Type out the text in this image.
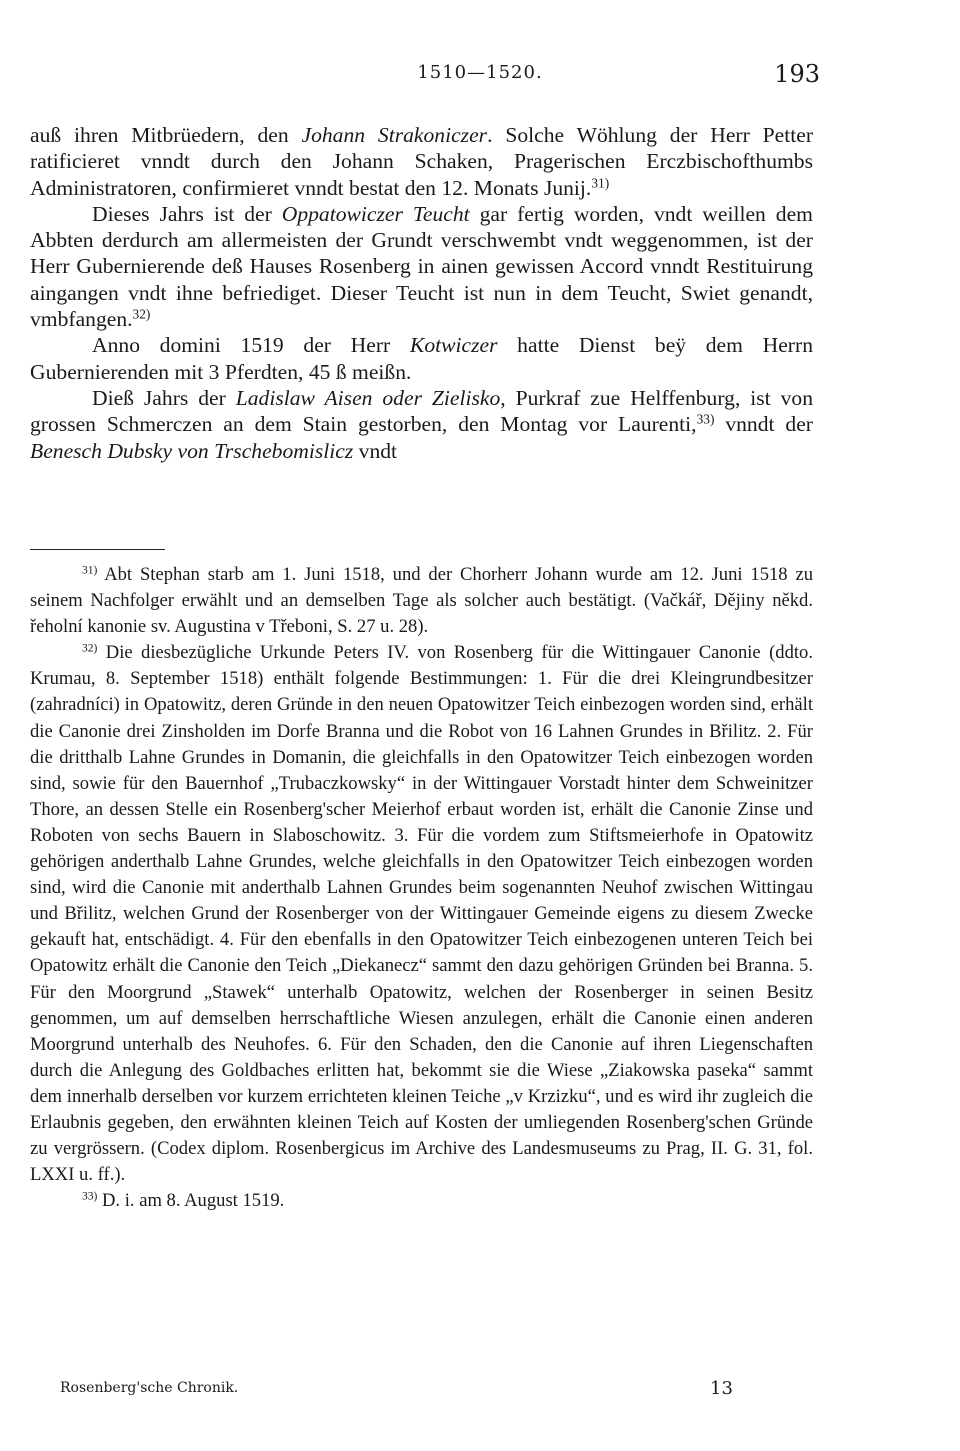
1510—1520.	193

auß ihren Mitbrüedern, den Johann Strakoniczer. Solche Wöhlung der Herr Petter ratificieret vnndt durch den Johann Schaken, Pragerischen Erczbischofthumbs Administratoren, confirmieret vnndt bestat den 12. Monats Junij.$^{31)}$

Dieses Jahrs ist der Oppatowiczer Teucht gar fertig worden, vndt weillen dem Abbten derdurch am allermeisten der Grundt verschwembt vndt weggenommen, ist der Herr Gubernierende deß Hauses Rosenberg in ainen gewissen Accord vnndt Restituirung aingangen vndt ihne befriediget. Dieser Teucht ist nun in dem Teucht, Swiet genandt, vmbfangen.$^{32)}$

Anno domini 1519 der Herr Kotwiczer hatte Dienst beÿ dem Herrn Gubernierenden mit 3 Pferdten, 45 ß meißn.

Dieß Jahrs der Ladislaw Aisen oder Zielisko, Purkraf zue Helffenburg, ist von grossen Schmerczen an dem Stain gestorben, den Montag vor Laurenti,$^{33)}$ vnndt der Benesch Dubsky von Trschebomislicz vndt

$^{31)}$ Abt Stephan starb am 1. Juni 1518, und der Chorherr Johann wurde am 12. Juni 1518 zu seinem Nachfolger erwählt und an demselben Tage als solcher auch bestätigt. (Vačkář, Dějiny někd. řeholní kanonie sv. Augustina v Třeboni, S. 27 u. 28).

$^{32)}$ Die diesbezügliche Urkunde Peters IV. von Rosenberg für die Wittingauer Canonie (ddto. Krumau, 8. September 1518) enthält folgende Bestimmungen: 1. Für die drei Kleingrundbesitzer (zahradníci) in Opatowitz, deren Gründe in den neuen Opatowitzer Teich einbezogen worden sind, erhält die Canonie drei Zinsholden im Dorfe Branna und die Robot von 16 Lahnen Grundes in Břilitz. 2. Für die dritthalb Lahne Grundes in Domanin, die gleichfalls in den Opatowitzer Teich einbezogen worden sind, sowie für den Bauernhof „Trubaczkowsky“ in der Wittingauer Vorstadt hinter dem Schweinitzer Thore, an dessen Stelle ein Rosenberg'scher Meierhof erbaut worden ist, erhält die Canonie Zinse und Roboten von sechs Bauern in Slaboschowitz. 3. Für die vordem zum Stiftsmeierhofe in Opatowitz gehörigen anderthalb Lahne Grundes, welche gleichfalls in den Opatowitzer Teich einbezogen worden sind, wird die Canonie mit anderthalb Lahnen Grundes beim sogenannten Neuhof zwischen Wittingau und Břilitz, welchen Grund der Rosenberger von der Wittingauer Gemeinde eigens zu diesem Zwecke gekauft hat, entschädigt. 4. Für den ebenfalls in den Opatowitzer Teich einbezogenen unteren Teich bei Opatowitz erhält die Canonie den Teich „Diekanecz“ sammt den dazu gehörigen Gründen bei Branna. 5. Für den Moorgrund „Stawek“ unterhalb Opatowitz, welchen der Rosenberger in seinen Besitz genommen, um auf demselben herrschaftliche Wiesen anzulegen, erhält die Canonie einen anderen Moorgrund unterhalb des Neuhofes. 6. Für den Schaden, den die Canonie auf ihren Liegenschaften durch die Anlegung des Goldbaches erlitten hat, bekommt sie die Wiese „Ziakowska paseka“ sammt dem innerhalb derselben vor kurzem errichteten kleinen Teiche „v Krzizku“, und es wird ihr zugleich die Erlaubnis gegeben, den erwähnten kleinen Teich auf Kosten der umliegenden Rosenberg'schen Gründe zu vergrössern. (Codex diplom. Rosenbergicus im Archive des Landesmuseums zu Prag, II. G. 31, fol. LXXI u. ff.).

$^{33)}$ D. i. am 8. August 1519.

Rosenberg'sche Chronik.	13
